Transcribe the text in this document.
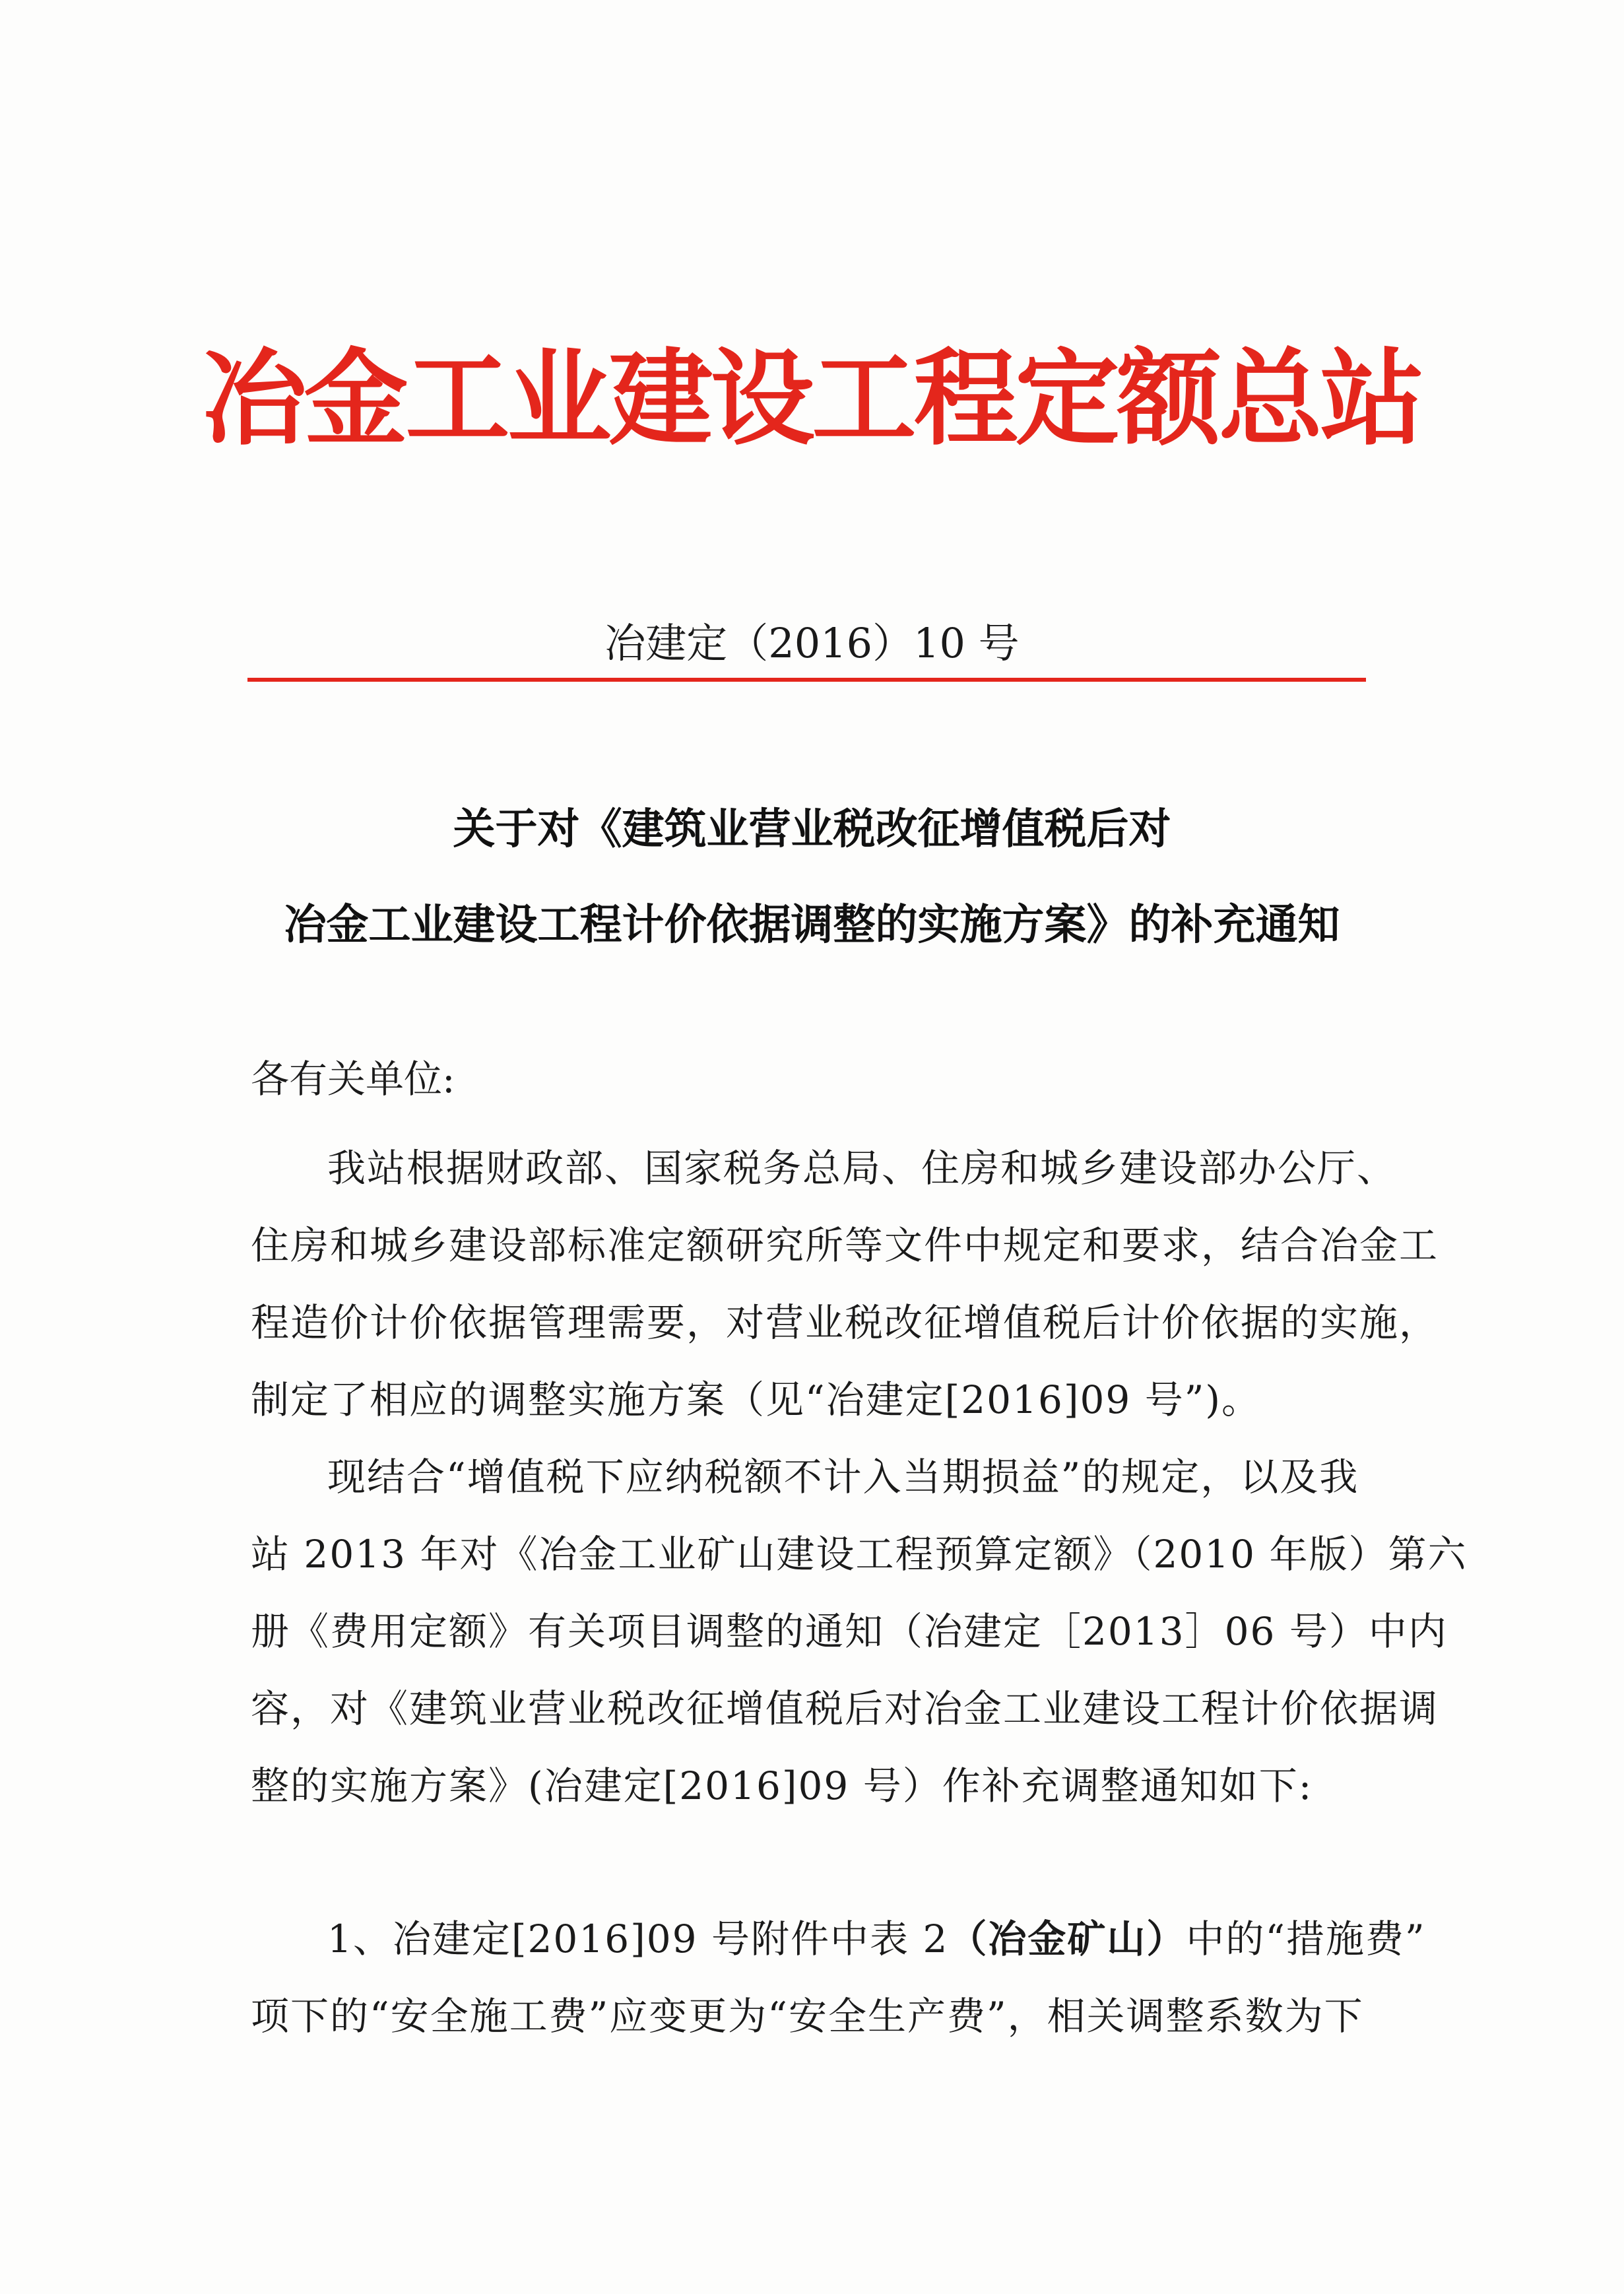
冶金工业建设工程定额总站
冶建定（2016）10 号
关于对《建筑业营业税改征增值税后对
冶金工业建设工程计价依据调整的实施方案》的补充通知
各有关单位:
我站根据财政部、国家税务总局、住房和城乡建设部办公厅、
住房和城乡建设部标准定额研究所等文件中规定和要求，结合冶金工
程造价计价依据管理需要，对营业税改征增值税后计价依据的实施，
制定了相应的调整实施方案（见“冶建定[2016]09 号”)。
现结合“增值税下应纳税额不计入当期损益”的规定，以及我
站 2013 年对《冶金工业矿山建设工程预算定额》（2010 年版）第六
册《费用定额》有关项目调整的通知（冶建定［2013］06 号）中内
容，对《建筑业营业税改征增值税后对冶金工业建设工程计价依据调
整的实施方案》(冶建定[2016]09 号）作补充调整通知如下:
1、冶建定[2016]09 号附件中表 2（冶金矿山）中的“措施费”
项下的“安全施工费”应变更为“安全生产费”，相关调整系数为下
